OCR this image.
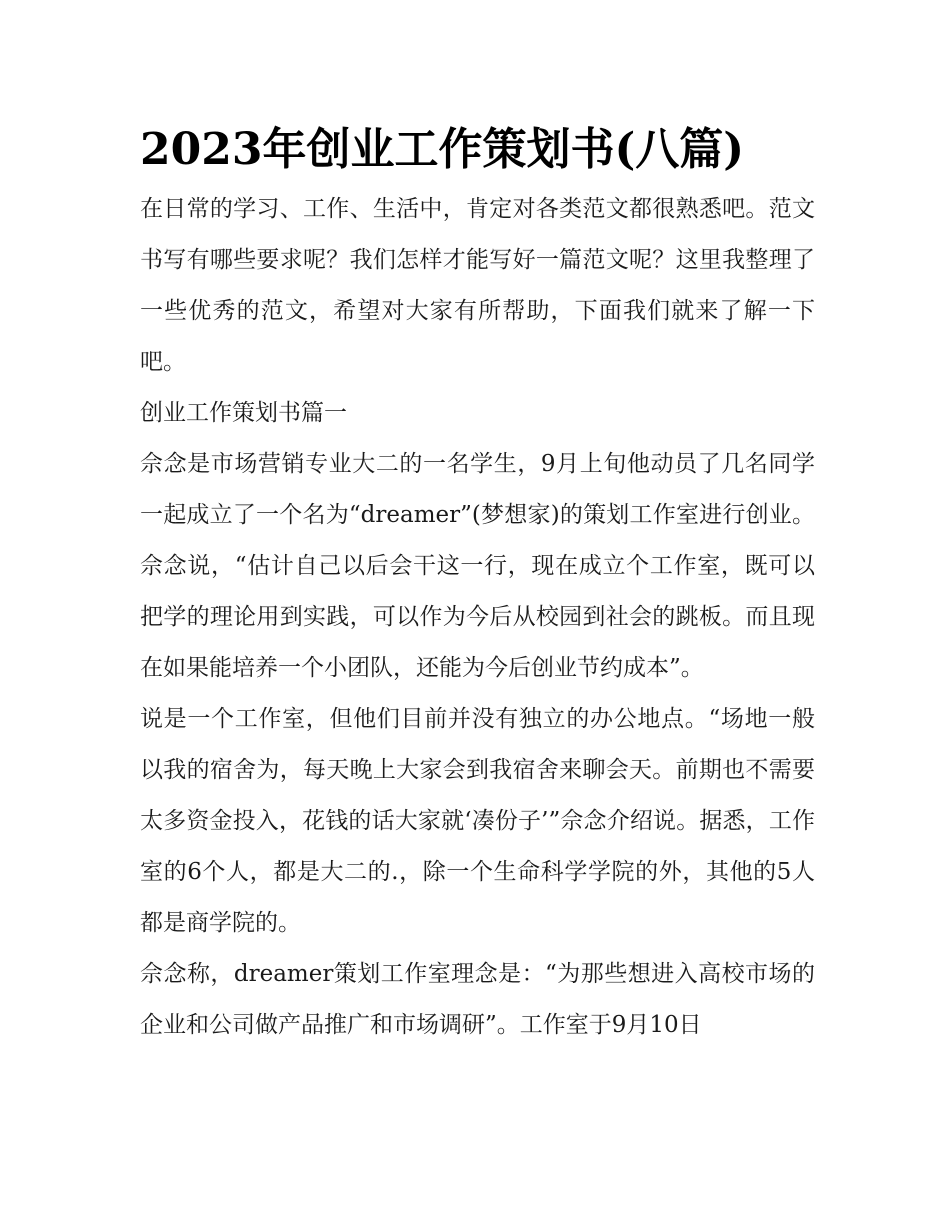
2023年创业工作策划书(八篇)

在日常的学习、工作、生活中，肯定对各类范文都很熟悉吧。范文书写有哪些要求呢？我们怎样才能写好一篇范文呢？这里我整理了一些优秀的范文，希望对大家有所帮助，下面我们就来了解一下吧。

创业工作策划书篇一

佘念是市场营销专业大二的一名学生，9月上旬他动员了几名同学一起成立了一个名为“dreamer”(梦想家)的策划工作室进行创业。佘念说，“估计自己以后会干这一行，现在成立个工作室，既可以把学的理论用到实践，可以作为今后从校园到社会的跳板。而且现在如果能培养一个小团队，还能为今后创业节约成本”。

说是一个工作室，但他们目前并没有独立的办公地点。“场地一般以我的宿舍为，每天晚上大家会到我宿舍来聊会天。前期也不需要太多资金投入，花钱的话大家就‘凑份子’”佘念介绍说。据悉，工作室的6个人，都是大二的.，除一个生命科学学院的外，其他的5人都是商学院的。

佘念称，dreamer策划工作室理念是：“为那些想进入高校市场的企业和公司做产品推广和市场调研”。工作室于9月10日
